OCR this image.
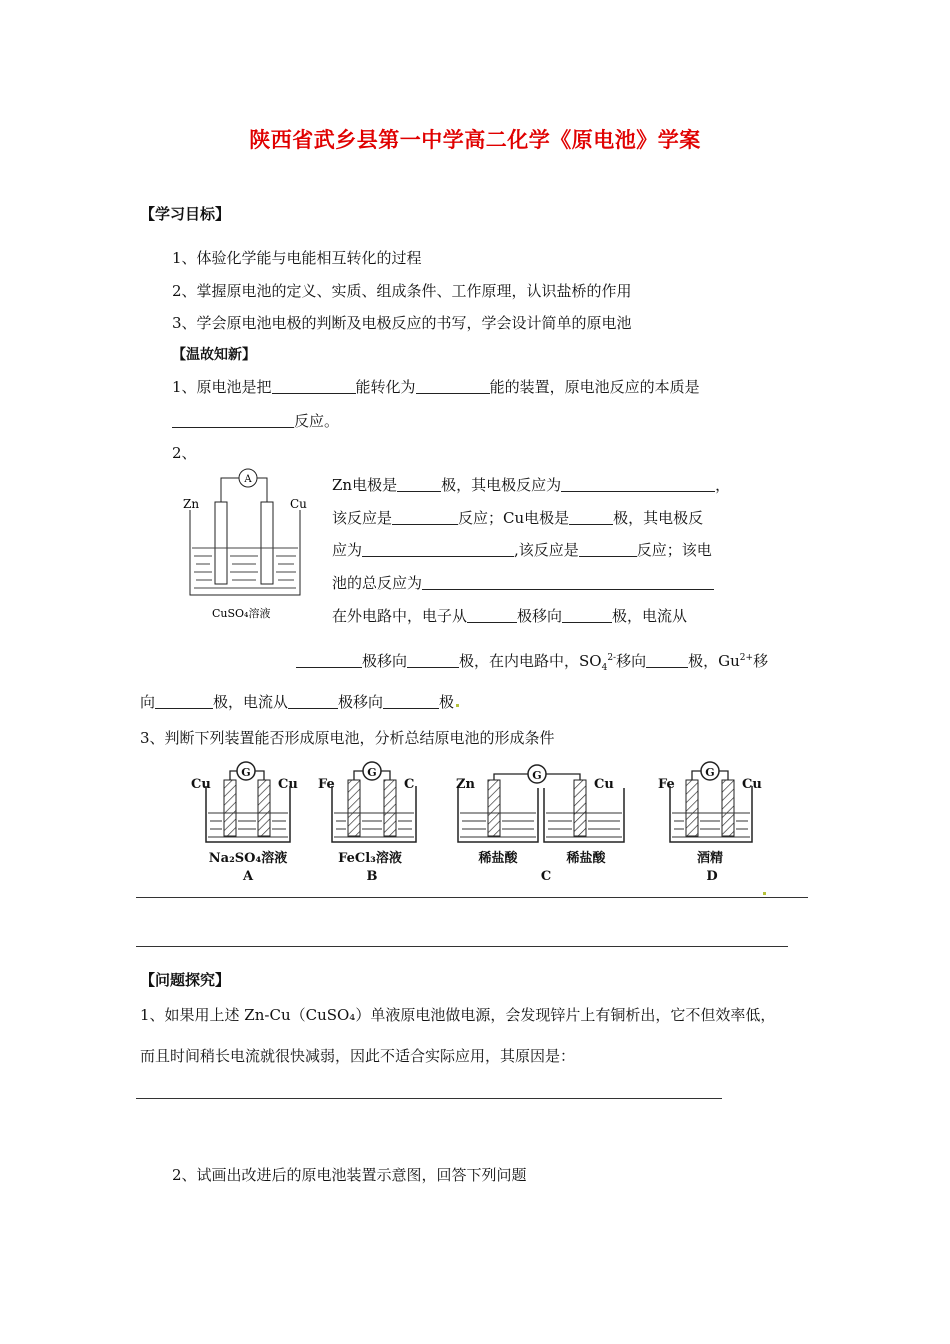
陕西省武乡县第一中学高二化学《原电池》学案
【学习目标】
1、体验化学能与电能相互转化的过程
2、掌握原电池的定义、实质、组成条件、工作原理，认识盐桥的作用
3、学会原电池电极的判断及电极反应的书写，学会设计简单的原电池
【温故知新】
1、原电池是把	能转化为	能的装置，原电池反应的本质是
反应。
2、
A
Zn	Cu
CuSO₄溶液
Zn电极是	极，其电极反应为	，
该反应是	反应；Cu电极是	极，其电极反
应为	,该反应是	反应；该电
池的总反应为
在外电路中，电子从	极移向	极，电流从
极移向	极，在内电路中，$SO_4^{2-}$移向	极，$Gu^{2+}$移
向	极，电流从	极移向	极
3、判断下列装置能否形成原电池，分析总结原电池的形成条件
G
Cu	Cu
Na₂SO₄溶液
A
G
Fe	C
FeCl₃溶液
B
G
Zn	Cu
稀盐酸	稀盐酸
C
G
Fe	Cu
酒精
D
【问题探究】
1、如果用上述 Zn-Cu（CuSO₄）单液原电池做电源，会发现锌片上有铜析出，它不但效率低，
而且时间稍长电流就很快减弱，因此不适合实际应用，其原因是：
2、试画出改进后的原电池装置示意图，回答下列问题
